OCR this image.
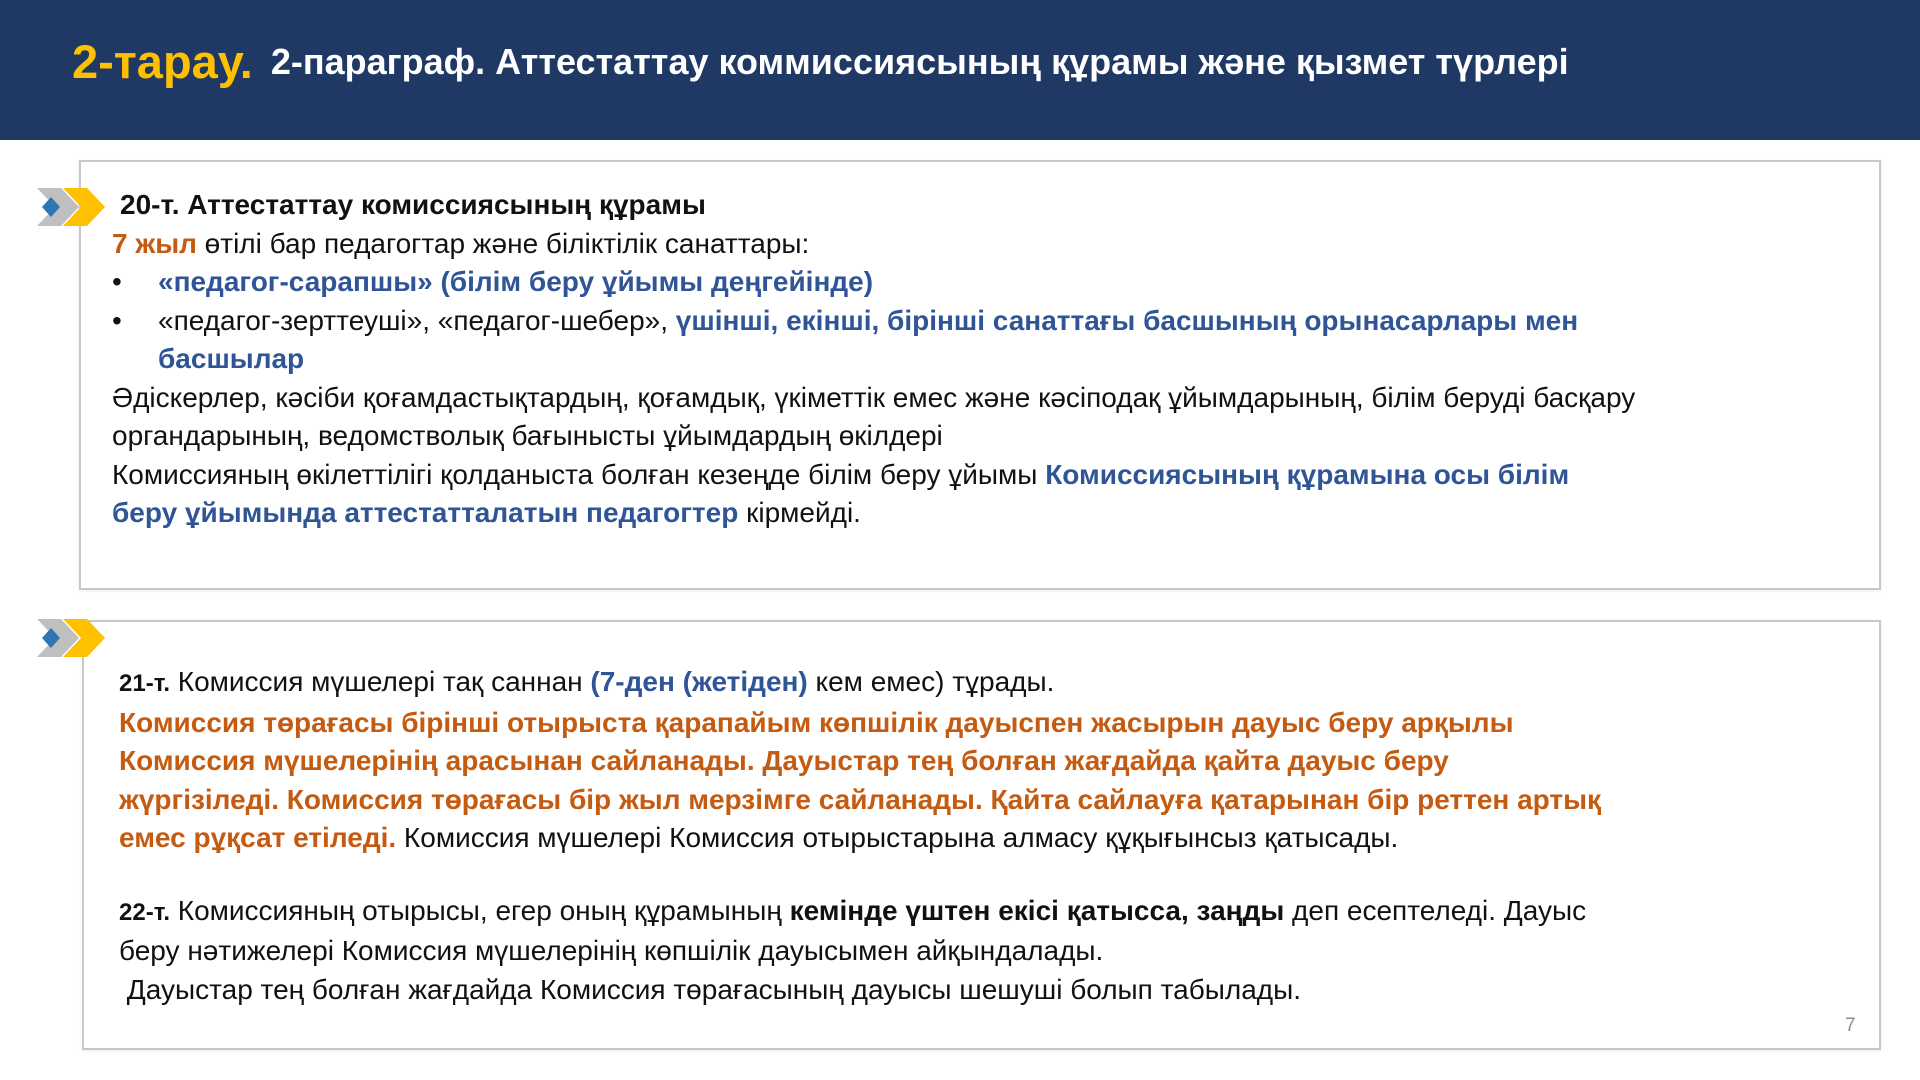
2-тарау. 2-параграф. Аттестаттау коммиссиясының құрамы және қызмет түрлері
20-т. Аттестаттау комиссиясының құрамы
7 жыл өтілі бар педагогтар және біліктілік санаттары:
• «педагог-сарапшы» (білім беру ұйымы деңгейінде)
• «педагог-зерттеуші», «педагог-шебер», үшінші, екінші, бірінші санаттағы басшының орынасарлары мен
басшылар
Әдіскерлер, кәсіби қоғамдастықтардың, қоғамдық, үкіметтік емес және кәсіподақ ұйымдарының, білім беруді басқару
органдарының, ведомстволық бағынысты ұйымдардың өкілдері
Комиссияның өкілеттілігі қолданыста болған кезеңде білім беру ұйымы Комиссиясының құрамына осы білім
беру ұйымында аттестатталатын педагогтер кірмейді.
21-т. Комиссия мүшелері тақ саннан (7-ден (жетіден) кем емес) тұрады.
Комиссия төрағасы бірінші отырыста қарапайым көпшілік дауыспен жасырын дауыс беру арқылы
Комиссия мүшелерінің арасынан сайланады. Дауыстар тең болған жағдайда қайта дауыс беру
жүргізіледі. Комиссия төрағасы бір жыл мерзімге сайланады. Қайта сайлауға қатарынан бір реттен артық
емес рұқсат етіледі. Комиссия мүшелері Комиссия отырыстарына алмасу құқығынсыз қатысады.
22-т. Комиссияның отырысы, егер оның құрамының кемінде үштен екісі қатысса, заңды деп есептеледі. Дауыс
беру нәтижелері Комиссия мүшелерінің көпшілік дауысымен айқындалады.
Дауыстар тең болған жағдайда Комиссия төрағасының дауысы шешуші болып табылады.
7
